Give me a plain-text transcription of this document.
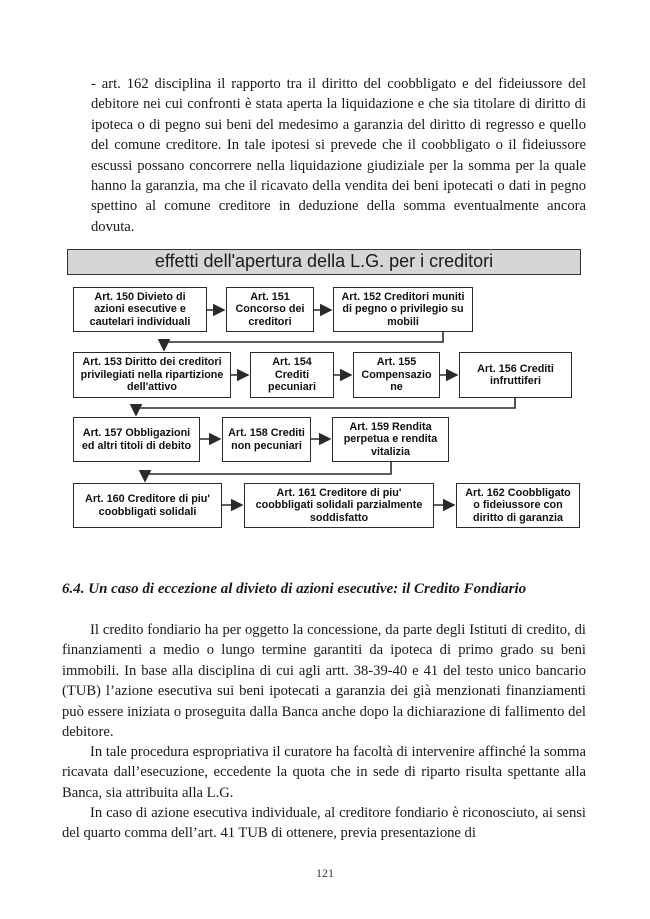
- art. 162 disciplina il rapporto tra il diritto del coobbligato e del fideiussore del debitore nei cui confronti è stata aperta la liquidazione e che sia titolare di diritto di ipoteca o di pegno sui beni del medesimo a garanzia del diritto di regresso e quello del comune creditore. In tale ipotesi si prevede che il coobbligato o il fideiussore escussi possano concorrere nella liquidazione giudiziale per la somma per la quale hanno la garanzia, ma che il ricavato della vendita dei beni ipotecati o dati in pegno spettino al comune creditore in deduzione della somma eventualmente ancora dovuta.

effetti dell'apertura della L.G. per i creditori
Art. 150 Divieto di azioni esecutive e cautelari individuali
Art. 151 Concorso dei creditori
Art. 152 Creditori muniti di pegno o privilegio su mobili
Art. 153 Diritto dei creditori privilegiati nella ripartizione dell'attivo
Art. 154 Crediti pecuniari
Art. 155 Compensazio ne
Art. 156 Crediti infruttiferi
Art. 157 Obbligazioni ed altri titoli di debito
Art. 158 Crediti non pecuniari
Art. 159 Rendita perpetua e rendita vitalizia
Art. 160 Creditore di piu' coobbligati solidali
Art. 161 Creditore di piu' coobbligati solidali parzialmente soddisfatto
Art. 162 Coobbligato o fideiussore con diritto di garanzia
6.4. Un caso di eccezione al divieto di azioni esecutive: il Credito Fondiario

Il credito fondiario ha per oggetto la concessione, da parte degli Istituti di credito, di finanziamenti a medio o lungo termine garantiti da ipoteca di primo grado su beni immobili. In base alla disciplina di cui agli artt. 38-39-40 e 41 del testo unico bancario (TUB) l’azione esecutiva sui beni ipotecati a garanzia dei già menzionati finanziamenti può essere iniziata o proseguita dalla Banca anche dopo la dichiarazione di fallimento del debitore.

In tale procedura espropriativa il curatore ha facoltà di intervenire affinché la somma ricavata dall’esecuzione, eccedente la quota che in sede di riparto risulta spettante alla Banca, sia attribuita alla L.G.

In caso di azione esecutiva individuale, al creditore fondiario è riconosciuto, ai sensi del quarto comma dell’art. 41 TUB di ottenere, previa presentazione di

121
